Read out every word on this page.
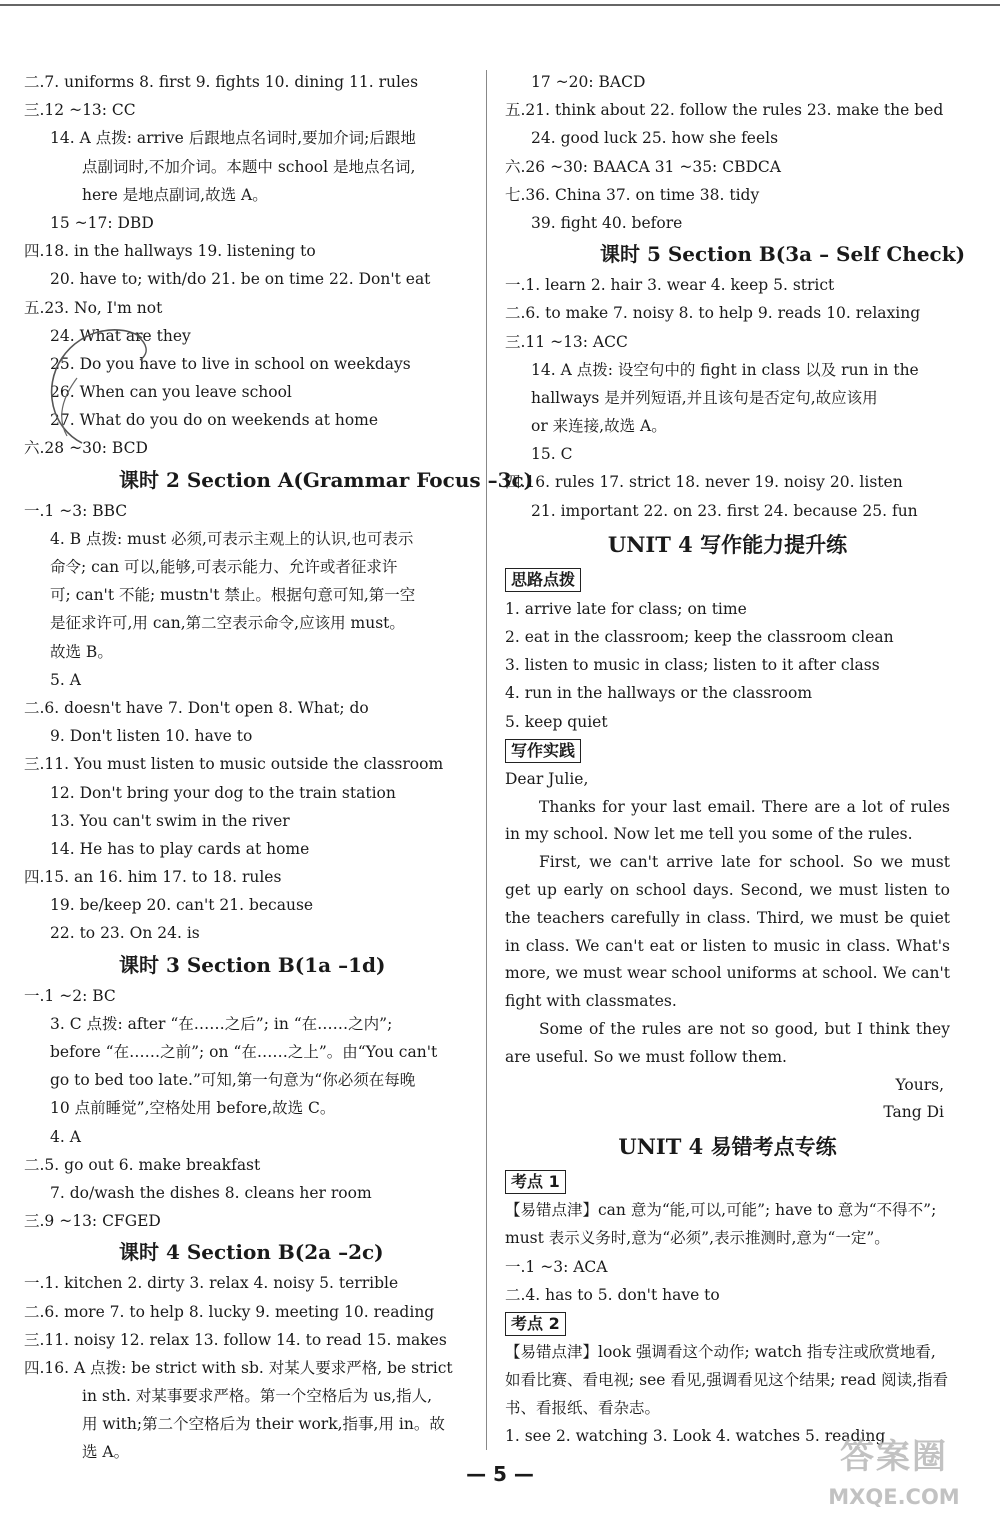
二.7. uniforms 8. first 9. fights 10. dining 11. rules
三.12 ~13: CC
14. A 点拨: arrive 后跟地点名词时,要加介词;后跟地
点副词时,不加介词。本题中 school 是地点名词,
here 是地点副词,故选 A。
15 ~17: DBD
四.18. in the hallways 19. listening to
20. have to; with/do 21. be on time 22. Don't eat
五.23. No, I'm not
24. What are they
25. Do you have to live in school on weekdays
26. When can you leave school
27. What do you do on weekends at home
六.28 ~30: BCD
课时 2 Section A(Grammar Focus –3c)
一.1 ~3: BBC
4. B 点拨: must 必须,可表示主观上的认识,也可表示
命令; can 可以,能够,可表示能力、允许或者征求许
可; can't 不能; mustn't 禁止。根据句意可知,第一空
是征求许可,用 can,第二空表示命令,应该用 must。
故选 B。
5. A
二.6. doesn't have 7. Don't open 8. What; do
9. Don't listen 10. have to
三.11. You must listen to music outside the classroom
12. Don't bring your dog to the train station
13. You can't swim in the river
14. He has to play cards at home
四.15. an 16. him 17. to 18. rules
19. be/keep 20. can't 21. because
22. to 23. On 24. is
课时 3 Section B(1a –1d)
一.1 ~2: BC
3. C 点拨: after “在……之后”; in “在……之内”;
before “在……之前”; on “在……之上”。由“You can't
go to bed too late.”可知,第一句意为“你必须在每晚
10 点前睡觉”,空格处用 before,故选 C。
4. A
二.5. go out 6. make breakfast
7. do/wash the dishes 8. cleans her room
三.9 ~13: CFGED
课时 4 Section B(2a –2c)
一.1. kitchen 2. dirty 3. relax 4. noisy 5. terrible
二.6. more 7. to help 8. lucky 9. meeting 10. reading
三.11. noisy 12. relax 13. follow 14. to read 15. makes
四.16. A 点拨: be strict with sb. 对某人要求严格, be strict
in sth. 对某事要求严格。第一个空格后为 us,指人,
用 with;第二个空格后为 their work,指事,用 in。故
选 A。
17 ~20: BACD
五.21. think about 22. follow the rules 23. make the bed
24. good luck 25. how she feels
六.26 ~30: BAACA 31 ~35: CBDCA
七.36. China 37. on time 38. tidy
39. fight 40. before
课时 5 Section B(3a – Self Check)
一.1. learn 2. hair 3. wear 4. keep 5. strict
二.6. to make 7. noisy 8. to help 9. reads 10. relaxing
三.11 ~13: ACC
14. A 点拨: 设空句中的 fight in class 以及 run in the
hallways 是并列短语,并且该句是否定句,故应该用
or 来连接,故选 A。
15. C
四.16. rules 17. strict 18. never 19. noisy 20. listen
21. important 22. on 23. first 24. because 25. fun
UNIT 4 写作能力提升练
思路点拨
1. arrive late for class; on time
2. eat in the classroom; keep the classroom clean
3. listen to music in class; listen to it after class
4. run in the hallways or the classroom
5. keep quiet
写作实践
Dear Julie,
Thanks for your last email. There are a lot of rules in my school. Now let me tell you some of the rules.
First, we can't arrive late for school. So we must get up early on school days. Second, we must listen to the teachers carefully in class. Third, we must be quiet in class. We can't eat or listen to music in class. What's more, we must wear school uniforms at school. We can't fight with classmates.
Some of the rules are not so good, but I think they are useful. So we must follow them.
Yours,
Tang Di
UNIT 4 易错考点专练
考点 1
【易错点津】can 意为“能,可以,可能”; have to 意为“不得不”; must 表示义务时,意为“必须”,表示推测时,意为“一定”。
一.1 ~3: ACA
二.4. has to 5. don't have to
考点 2
【易错点津】look 强调看这个动作; watch 指专注或欣赏地看,如看比赛、看电视; see 看见,强调看见这个结果; read 阅读,指看书、看报纸、看杂志。
1. see 2. watching 3. Look 4. watches 5. reading
— 5 —	答案圈
MXQE.COM
